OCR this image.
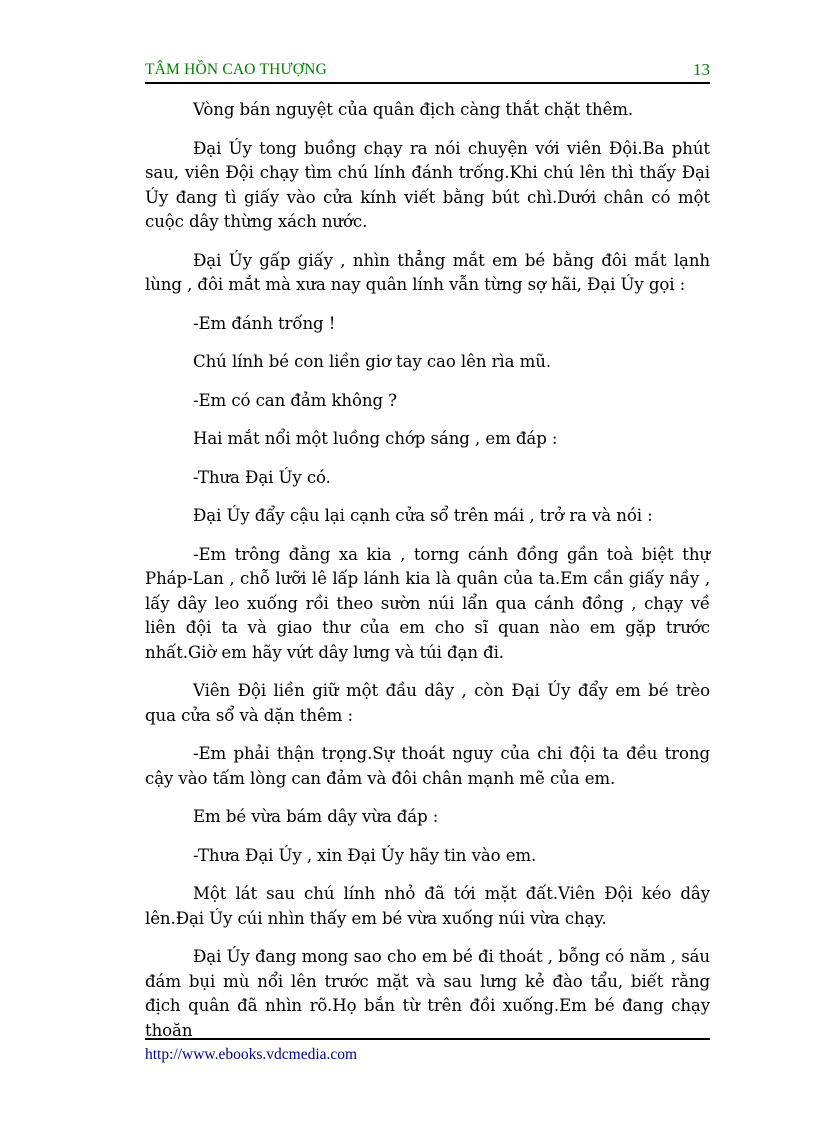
TÂM HỒN CAO THƯỢNG	13

Vòng bán nguyệt của quân địch càng thắt chặt thêm.

Đại Úy tong buồng chạy ra nói chuyện với viên Đội.Ba phút sau, viên Đội chạy tìm chú lính đánh trống.Khi chú lên thì thấy Đại Úy đang tì giấy vào cửa kính viết bằng bút chì.Dưới chân có một cuộc dây thừng xách nước.

Đại Úy gấp giấy , nhìn thẳng mắt em bé bằng đôi mắt lạnh lùng , đôi mắt mà xưa nay quân lính vẫn từng sợ hãi, Đại Úy gọi :

-Em đánh trống !

Chú lính bé con liền giơ tay cao lên rìa mũ.

-Em có can đảm không ?

Hai mắt nổi một luồng chớp sáng , em đáp :

-Thưa Đại Úy có.

Đại Úy đẩy cậu lại cạnh cửa sổ trên mái , trở ra và nói :

-Em trông đằng xa kia , torng cánh đồng gần toà biệt thự Pháp-Lan , chỗ lưỡi lê lấp lánh kia là quân của ta.Em cần giấy nầy , lấy dây leo xuống rồi theo sườn núi lẩn qua cánh đồng , chạy về liên đội ta và giao thư của em cho sĩ quan nào em gặp trước nhất.Giờ em hãy vứt dây lưng và túi đạn đi.

Viên Đội liền giữ một đầu dây , còn Đại Úy đẩy em bé trèo qua cửa sổ và dặn thêm :

-Em phải thận trọng.Sự thoát nguy của chi đội ta đều trong cậy vào tấm lòng can đảm và đôi chân mạnh mẽ của em.

Em bé vừa bám dây vừa đáp :

-Thưa Đại Úy , xin Đại Úy hãy tin vào em.

Một lát sau chú lính nhỏ đã tới mặt đất.Viên Đội kéo dây lên.Đại Úy cúi nhìn thấy em bé vừa xuống núi vừa chạy.

Đại Úy đang mong sao cho em bé đi thoát , bỗng có năm , sáu đám bụi mù nổi lên trước mặt và sau lưng kẻ đào tẩu, biết rằng địch quân đã nhìn rõ.Họ bắn từ trên đồi xuống.Em bé đang chạy thoăn

http://www.ebooks.vdcmedia.com
